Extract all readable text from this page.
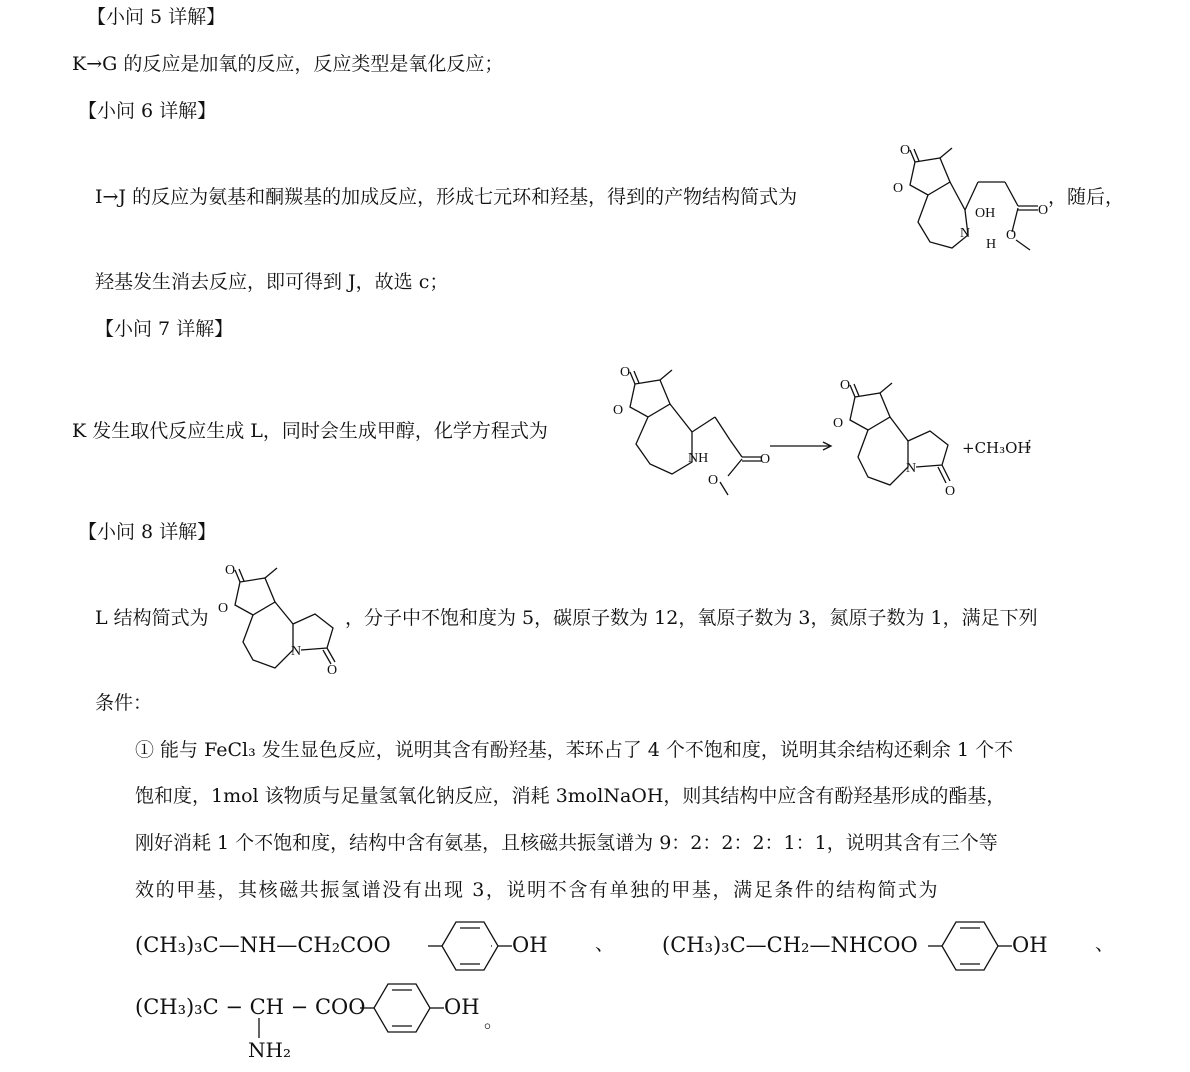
【小问 5 详解】
K→G 的反应是加氧的反应，反应类型是氧化反应；
【小问 6 详解】
I→J 的反应为氨基和酮羰基的加成反应，形成七元环和羟基，得到的产物结构简式为	，随后，
O
O
OH	O
N
H
O
羟基发生消去反应，即可得到 J，故选 c；
【小问 7 详解】
K 发生取代反应生成 L，同时会生成甲醇，化学方程式为
O
O
NH	O
O
O
O
N
O
+CH₃OH
；
【小问 8 详解】
L 结构简式为
O
O
N
O
，分子中不饱和度为 5，碳原子数为 12，氧原子数为 3，氮原子数为 1，满足下列
条件：
① 能与 FeCl₃ 发生显色反应，说明其含有酚羟基，苯环占了 4 个不饱和度，说明其余结构还剩余 1 个不
饱和度，1mol 该物质与足量氢氧化钠反应，消耗 3molNaOH，则其结构中应含有酚羟基形成的酯基，
刚好消耗 1 个不饱和度，结构中含有氨基，且核磁共振氢谱为 9：2：2：2：1：1，说明其含有三个等
效的甲基，其核磁共振氢谱没有出现 3，说明不含有单独的甲基，满足条件的结构简式为
(CH₃)₃C—NH—CH₂COO	OH 、 (CH₃)₃C—CH₂—NHCOO	OH 、
(CH₃)₃C − CH − COO
NH₂
OH
。
